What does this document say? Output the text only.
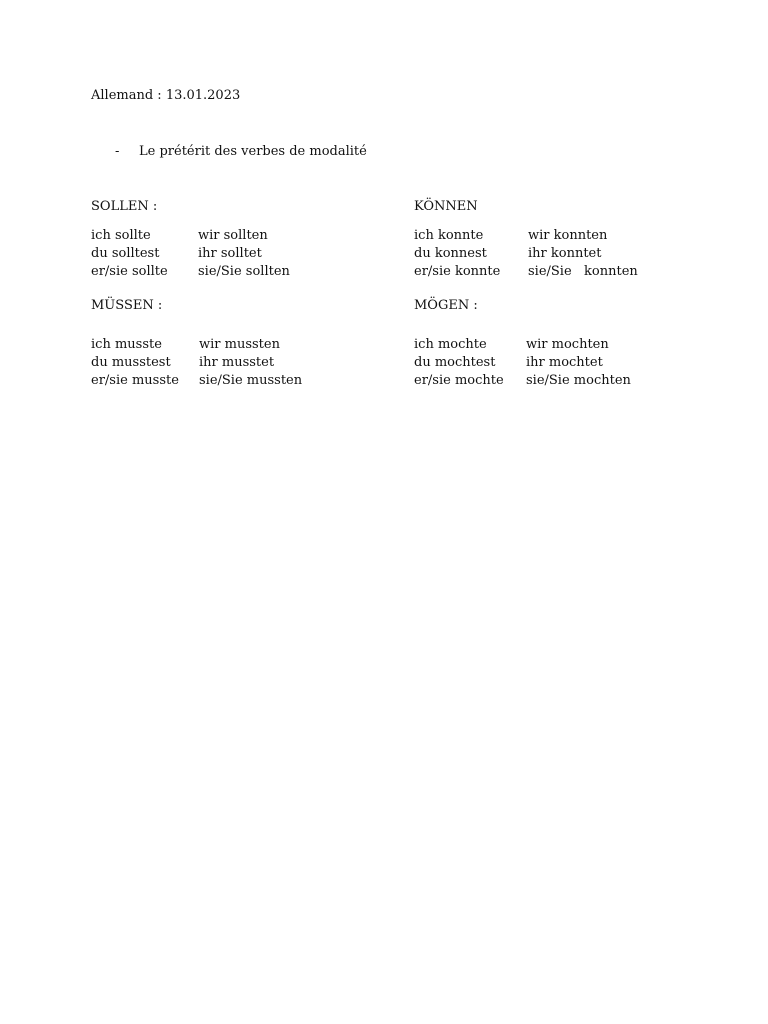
Allemand : 13.01.2023
- Le prétérit des verbes de modalité
SOLLEN :
ich sollte	wir sollten
du solltest	ihr solltet
er/sie sollte sie/Sie sollten
KÖNNEN
ich konnte	wir konnten
du konnest	ihr konntet
er/sie konnte sie/Sie   konnten
MÜSSEN :
ich musste	wir mussten
du musstest ihr musstet
er/sie musste sie/Sie mussten
MÖGEN :
ich mochte	wir mochten
du mochtest ihr mochtet
er/sie mochte sie/Sie mochten
